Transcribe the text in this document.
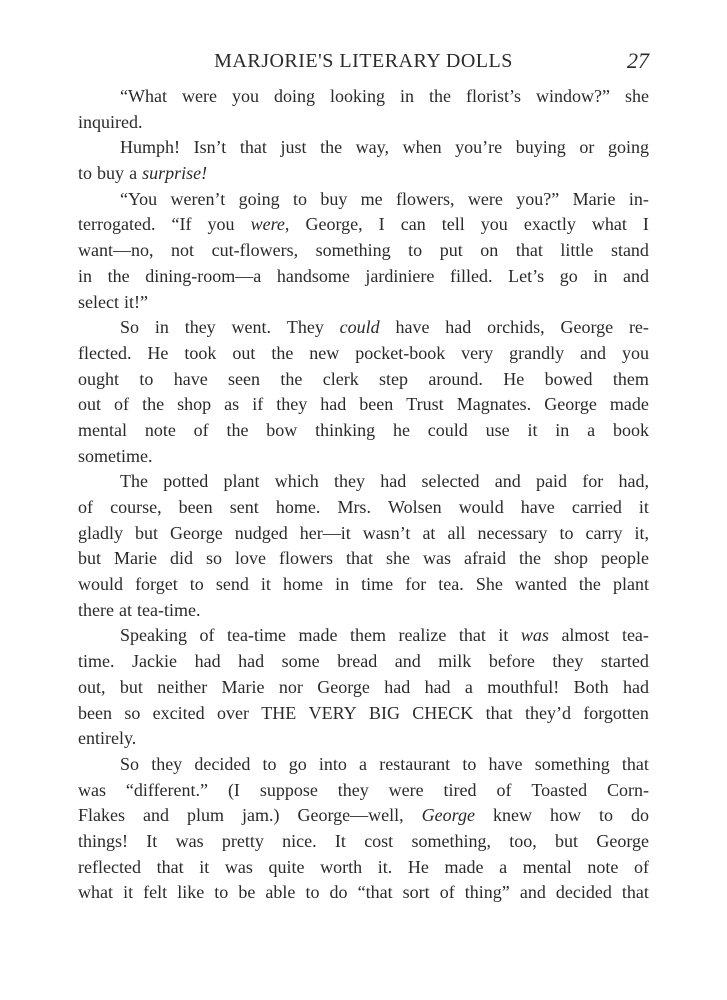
MARJORIE'S LITERARY DOLLS	27
“What were you doing looking in the florist’s window?” she
inquired.
Humph! Isn’t that just the way, when you’re buying or going
to buy a surprise!
“You weren’t going to buy me flowers, were you?” Marie in-
terrogated. “If you were, George, I can tell you exactly what I
want—no, not cut-flowers, something to put on that little stand
in the dining-room—a handsome jardiniere filled. Let’s go in and
select it!”
So in they went. They could have had orchids, George re-
flected. He took out the new pocket-book very grandly and you
ought to have seen the clerk step around. He bowed them
out of the shop as if they had been Trust Magnates. George made
mental note of the bow thinking he could use it in a book
sometime.
The potted plant which they had selected and paid for had,
of course, been sent home. Mrs. Wolsen would have carried it
gladly but George nudged her—it wasn’t at all necessary to carry it,
but Marie did so love flowers that she was afraid the shop people
would forget to send it home in time for tea. She wanted the plant
there at tea-time.
Speaking of tea-time made them realize that it was almost tea-
time. Jackie had had some bread and milk before they started
out, but neither Marie nor George had had a mouthful! Both had
been so excited over THE VERY BIG CHECK that they’d forgotten
entirely.
So they decided to go into a restaurant to have something that
was “different.” (I suppose they were tired of Toasted Corn-
Flakes and plum jam.) George—well, George knew how to do
things! It was pretty nice. It cost something, too, but George
reflected that it was quite worth it. He made a mental note of
what it felt like to be able to do “that sort of thing” and decided that
